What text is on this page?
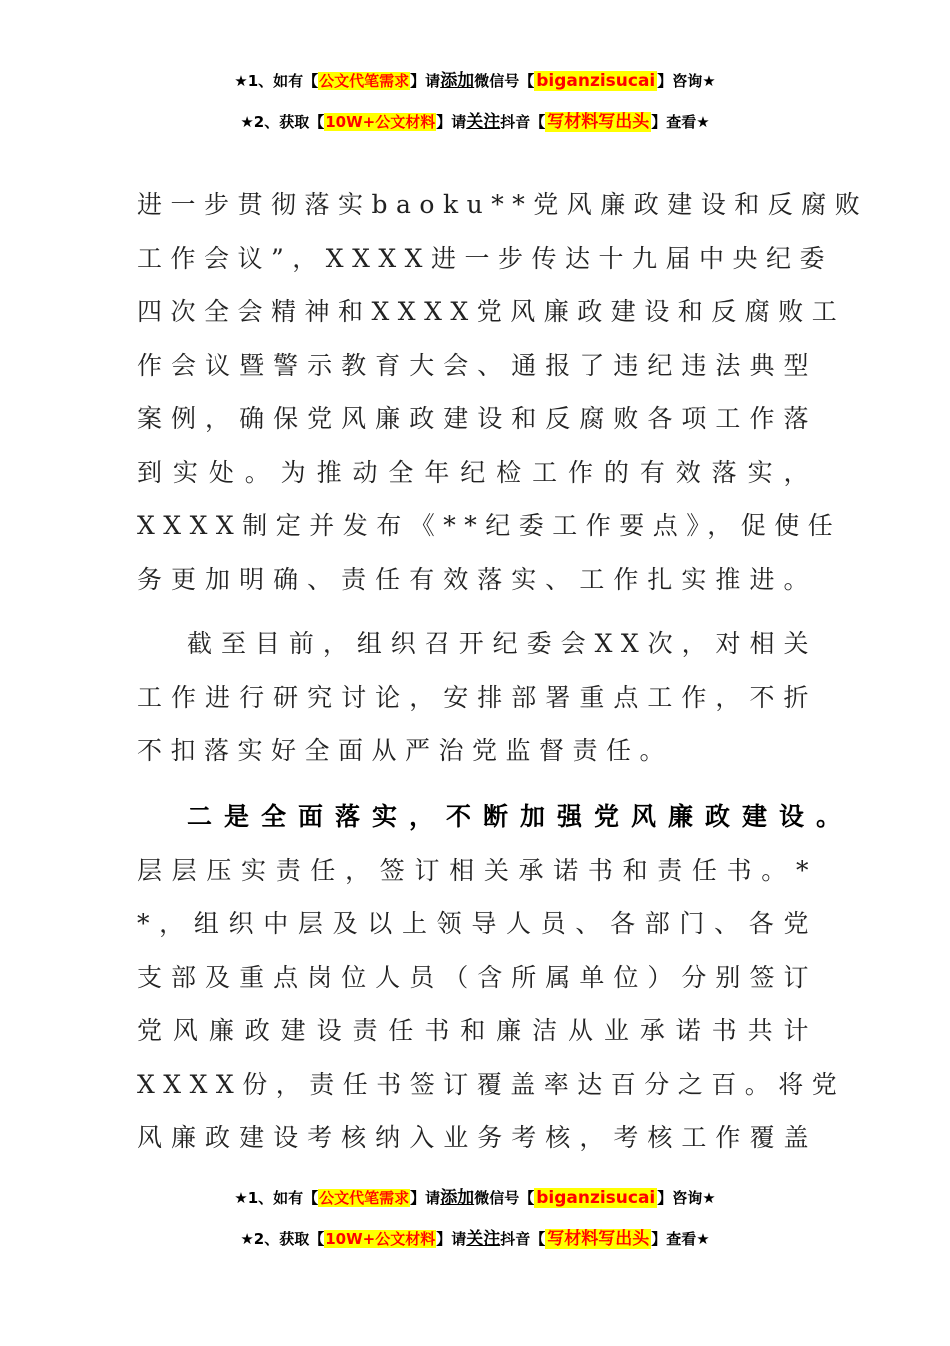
★1、如有【公文代笔需求】请添加微信号【 biganzisucai 】咨询★
★2、获取【10W+公文材料】请关注抖音【 写材料写出头 】查看★
进一步贯彻落实baoku**党风廉政建设和反腐败
工作会议”，XXXX进一步传达十九届中央纪委
四次全会精神和XXXX党风廉政建设和反腐败工
作会议暨警示教育大会、通报了违纪违法典型
案例，确保党风廉政建设和反腐败各项工作落
到实处。为推动全年纪检工作的有效落实，
XXXX制定并发布《**纪委工作要点》，促使任
务更加明确、责任有效落实、工作扎实推进。
截至目前，组织召开纪委会XX次，对相关
工作进行研究讨论，安排部署重点工作，不折
不扣落实好全面从严治党监督责任。
二是全面落实，不断加强党风廉政建设。
层层压实责任，签订相关承诺书和责任书。*
*，组织中层及以上领导人员、各部门、各党
支部及重点岗位人员（含所属单位）分别签订
党风廉政建设责任书和廉洁从业承诺书共计
XXXX份，责任书签订覆盖率达百分之百。将党
风廉政建设考核纳入业务考核，考核工作覆盖
★1、如有【公文代笔需求】请添加微信号【 biganzisucai 】咨询★
★2、获取【10W+公文材料】请关注抖音【 写材料写出头 】查看★
